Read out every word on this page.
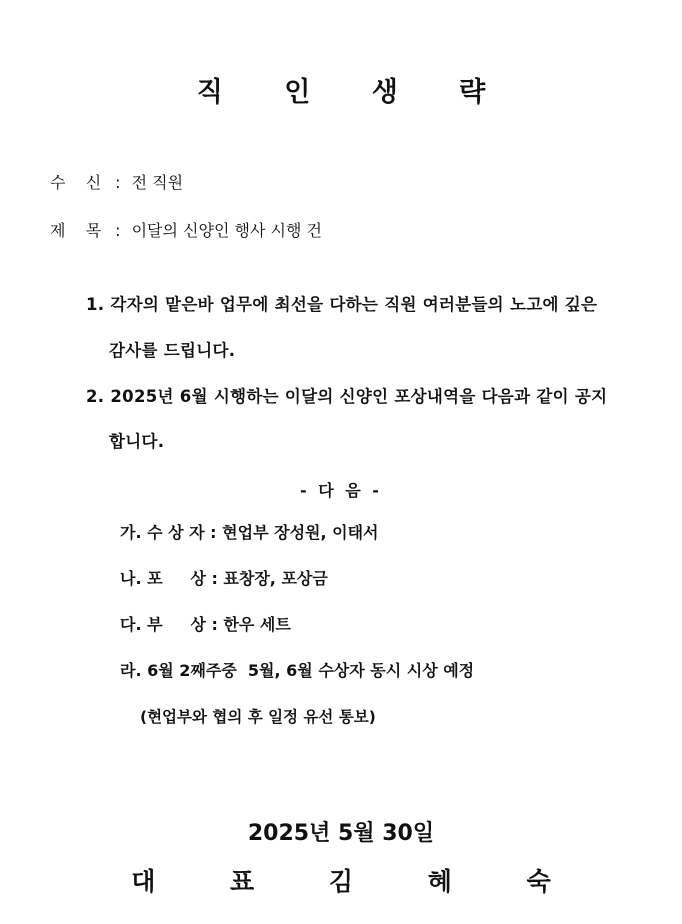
직 인 생 략
수    신 : 전 직원
제    목 : 이달의 신양인 행사 시행 건
1. 각자의 맡은바 업무에 최선을 다하는 직원 여러분들의 노고에 깊은
감사를 드립니다.
2. 2025년 6월 시행하는 이달의 신양인 포상내역을 다음과 같이 공지
합니다.
- 다 음 -
가. 수 상 자 : 현업부 장성원, 이태서
나. 포     상 : 표창장, 포상금
다. 부     상 : 한우 세트
라. 6월 2째주중  5월, 6월 수상자 동시 시상 예정
(현업부와 협의 후 일정 유선 통보)
2025년 5월 30일
대 표 김 혜 숙
